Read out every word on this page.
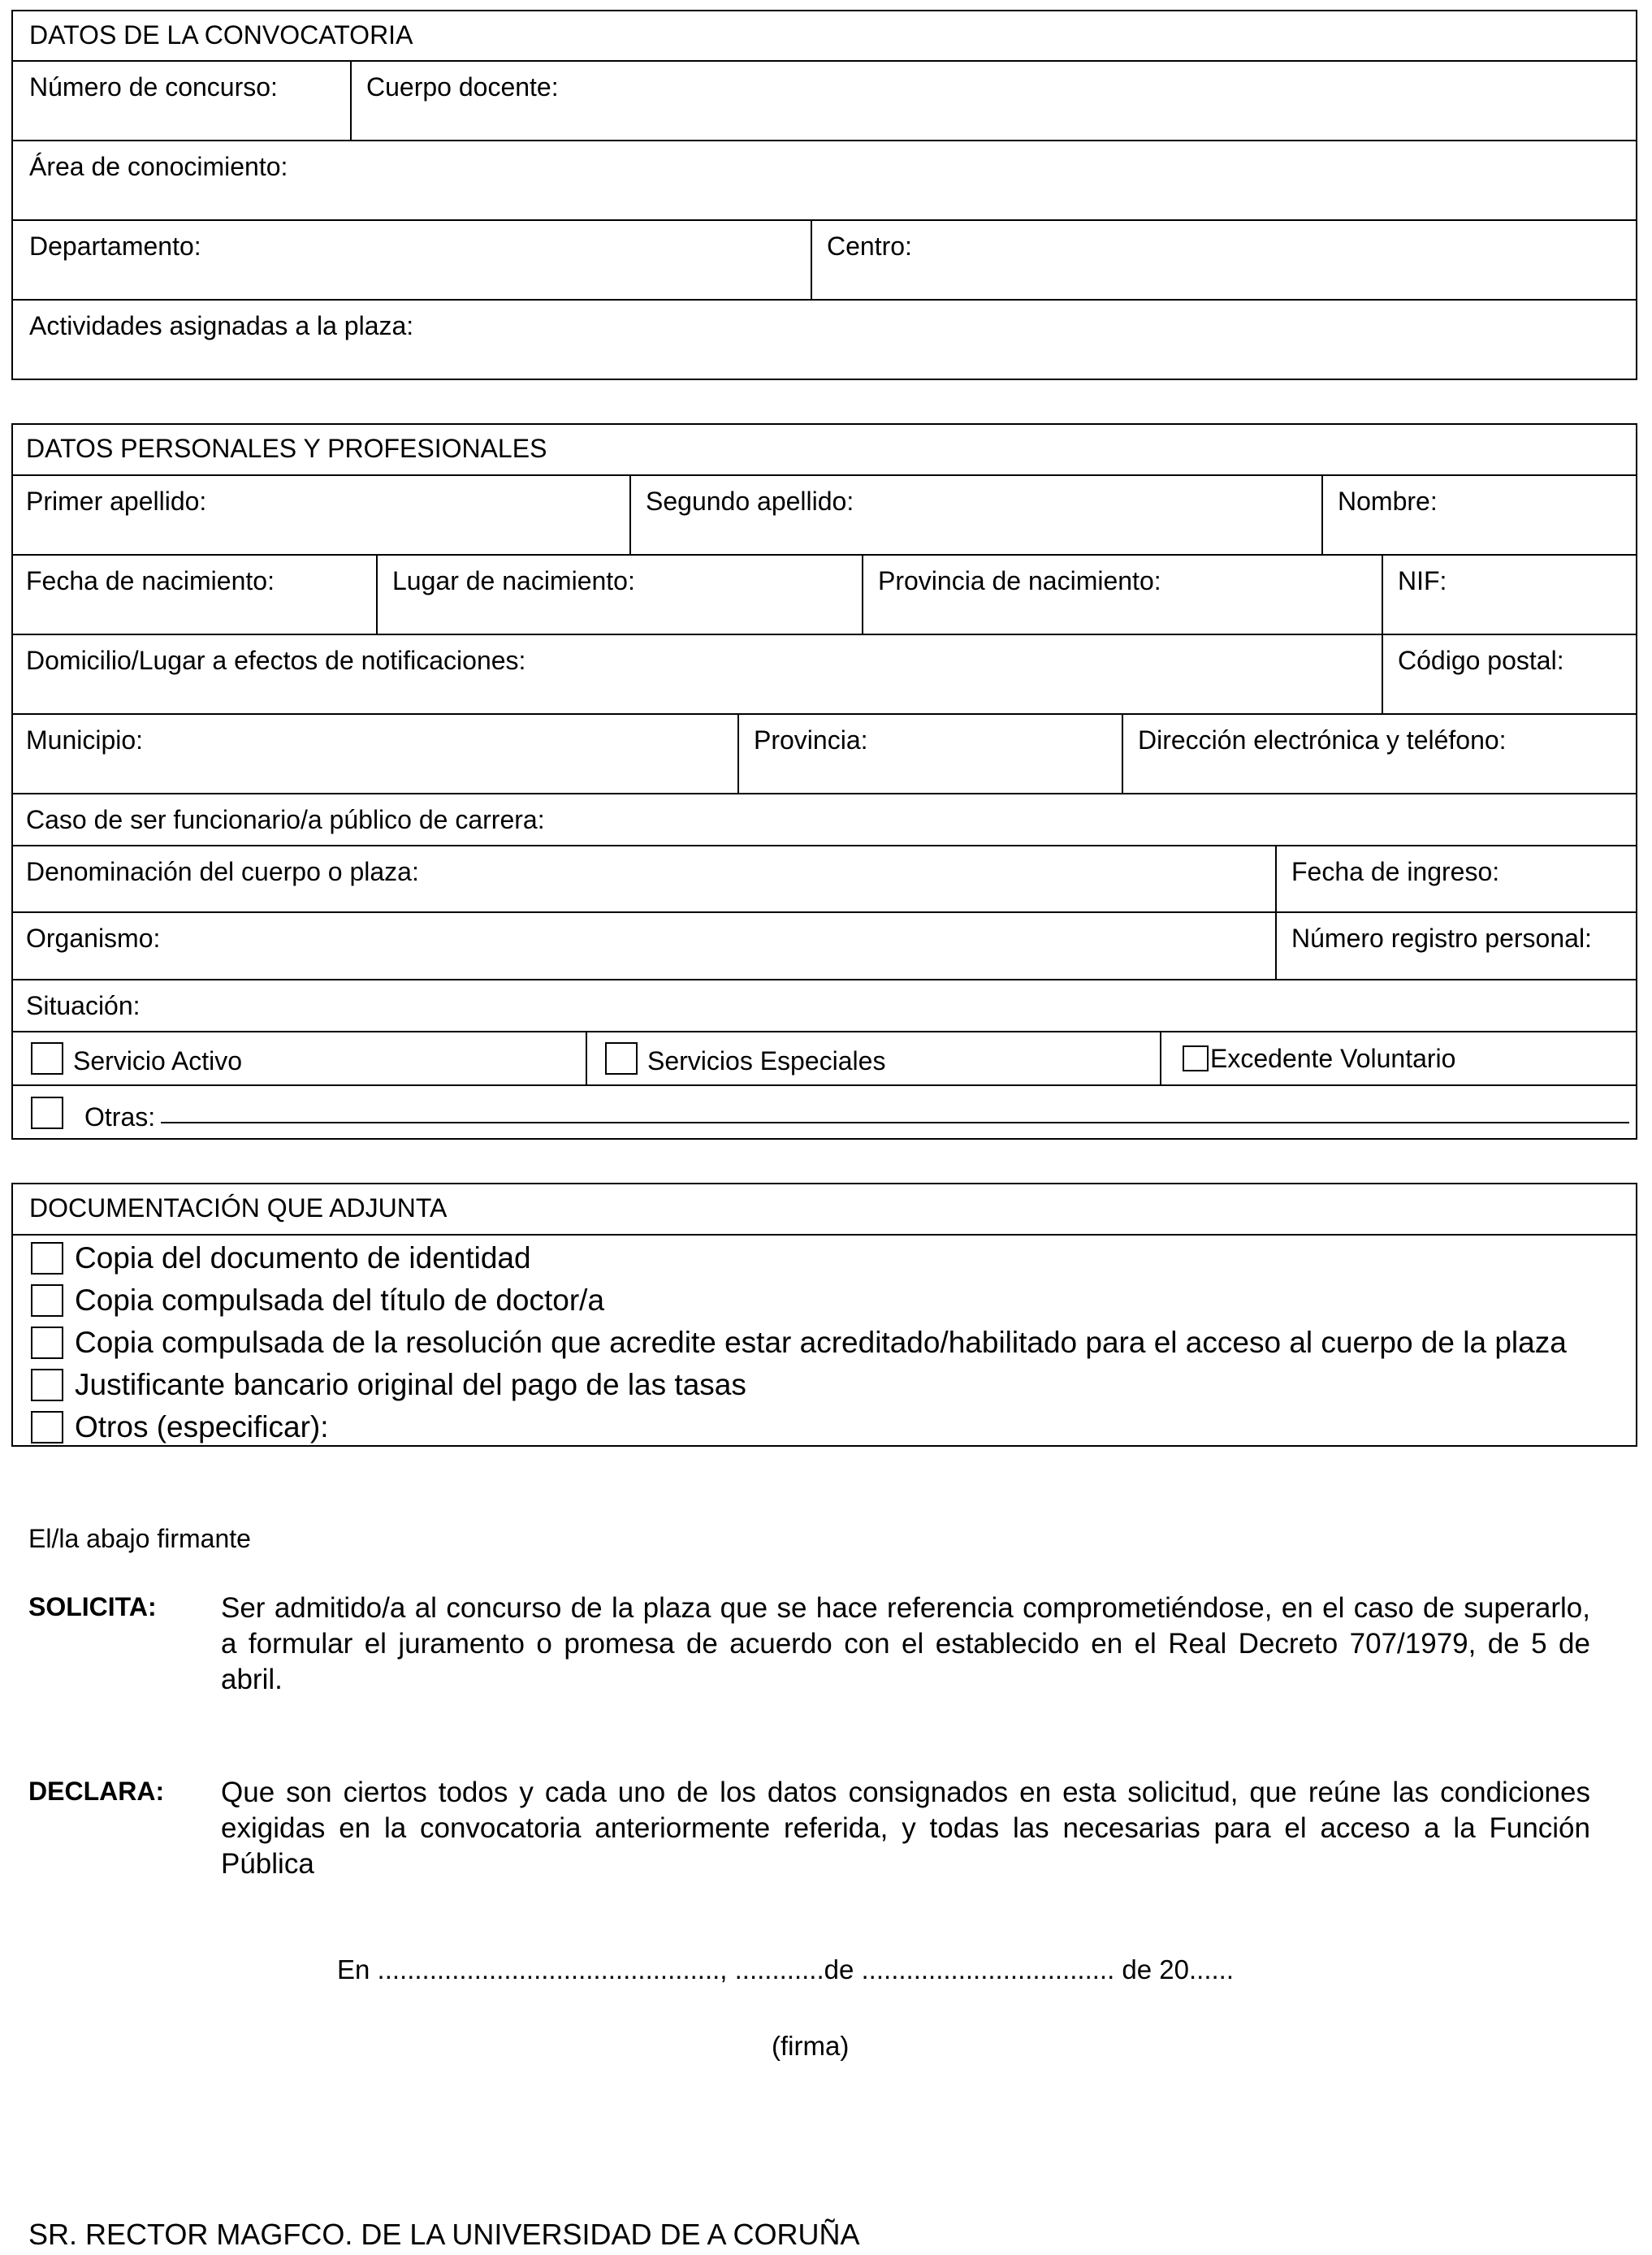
DATOS DE LA CONVOCATORIA
Número de concurso:	Cuerpo docente:
Área de conocimiento:
Departamento:	Centro:
Actividades asignadas a la plaza:
DATOS PERSONALES Y PROFESIONALES
Primer apellido:	Segundo apellido:	Nombre:
Fecha de nacimiento:	Lugar de nacimiento:	Provincia de nacimiento:	NIF:
Domicilio/Lugar a efectos de notificaciones:	Código postal:
Municipio:	Provincia:	Dirección electrónica y teléfono:
Caso de ser funcionario/a público de carrera:
Denominación del cuerpo o plaza:	Fecha de ingreso:
Organismo:	Número registro personal:
Situación:
Servicio Activo	Servicios Especiales	Excedente Voluntario
Otras:
DOCUMENTACIÓN QUE ADJUNTA
Copia del documento de identidad
Copia compulsada del título de doctor/a
Copia compulsada de la resolución que acredite estar acreditado/habilitado para el acceso al cuerpo de la plaza
Justificante bancario original del pago de las tasas
Otros (especificar):
El/la abajo firmante
SOLICITA: Ser admitido/a al concurso de la plaza que se hace referencia comprometiéndose, en el caso de superarlo, a formular el juramento o promesa de acuerdo con el establecido en el Real Decreto 707/1979, de 5 de abril.
DECLARA: Que son ciertos todos y cada uno de los datos consignados en esta solicitud, que reúne las condiciones exigidas en la convocatoria anteriormente referida, y todas las necesarias para el acceso a la Función Pública
En .............................................., ............de .................................. de 20......
(firma)
SR. RECTOR MAGFCO. DE LA UNIVERSIDAD DE A CORUÑA
